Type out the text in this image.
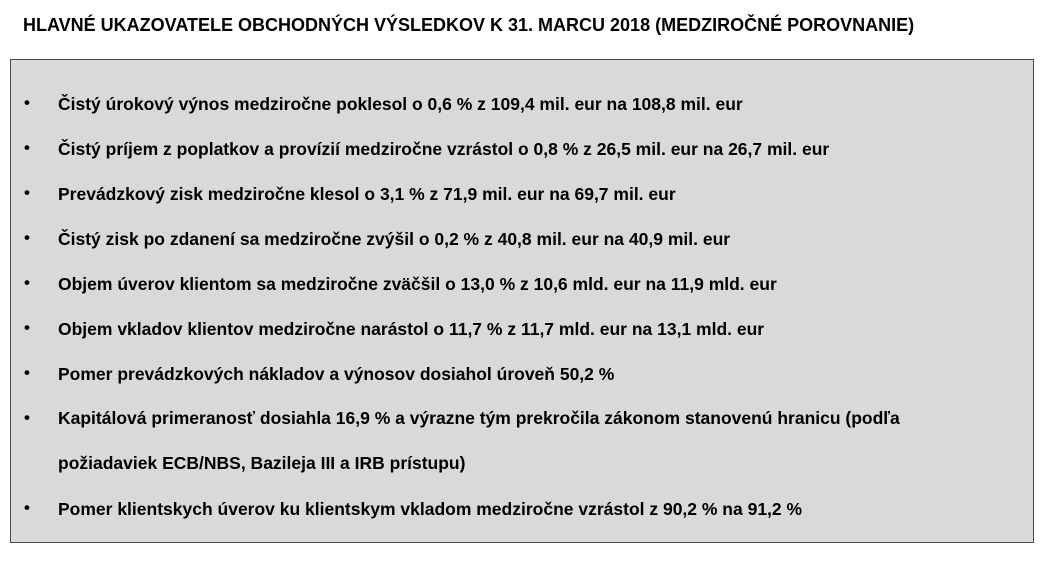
HLAVNÉ UKAZOVATELE OBCHODNÝCH VÝSLEDKOV K 31. MARCU 2018 (MEDZIROČNÉ POROVNANIE)
• Čistý úrokový výnos medziročne poklesol o 0,6 % z 109,4 mil. eur na 108,8 mil. eur
• Čistý príjem z poplatkov a provízií medziročne vzrástol o 0,8 % z 26,5 mil. eur na 26,7 mil. eur
• Prevádzkový zisk medziročne klesol o 3,1 % z 71,9 mil. eur na 69,7 mil. eur
• Čistý zisk po zdanení sa medziročne zvýšil o 0,2 % z 40,8 mil. eur na 40,9 mil. eur
• Objem úverov klientom sa medziročne zväčšil o 13,0 % z 10,6 mld. eur na 11,9 mld. eur
• Objem vkladov klientov medziročne narástol o 11,7 % z 11,7 mld. eur na 13,1 mld. eur
• Pomer prevádzkových nákladov a výnosov dosiahol úroveň 50,2 %
• Kapitálová primeranosť dosiahla 16,9 % a výrazne tým prekročila zákonom stanovenú hranicu (podľa požiadaviek ECB/NBS, Bazileja III a IRB prístupu)
• Pomer klientskych úverov ku klientskym vkladom medziročne vzrástol z 90,2 % na 91,2 %
